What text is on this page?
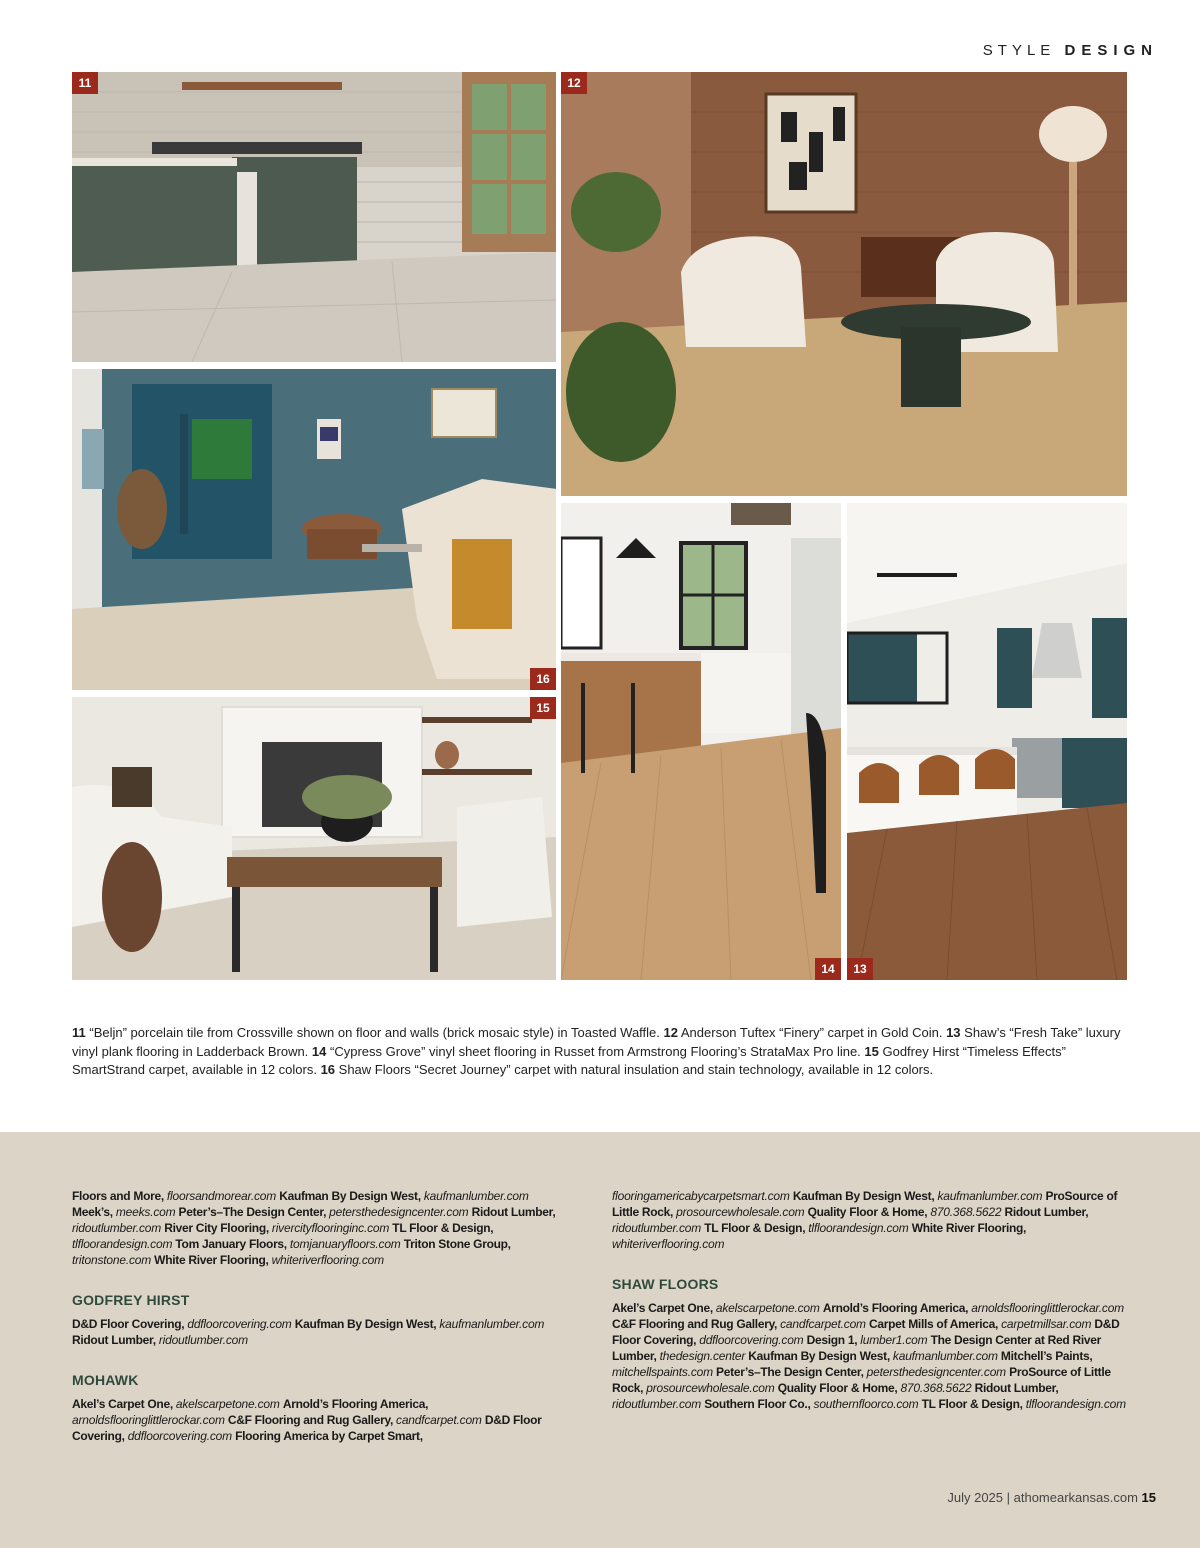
STYLE DESIGN
11	12
16
15
14	13

11 “Beljn” porcelain tile from Crossville shown on floor and walls (brick mosaic style) in Toasted Waffle. 12 Anderson Tuftex “Finery” carpet in Gold Coin. 13 Shaw’s “Fresh Take” luxury vinyl plank flooring in Ladderback Brown. 14 “Cypress Grove” vinyl sheet flooring in Russet from Armstrong Flooring’s StrataMax Pro line. 15 Godfrey Hirst “Timeless Effects” SmartStrand carpet, available in 12 colors. 16 Shaw Floors “Secret Journey” carpet with natural insulation and stain technology, available in 12 colors.

Floors and More, floorsandmorear.com Kaufman By Design West, kaufmanlumber.com Meek’s, meeks.com Peter’s–The Design Center, petersthedesigncenter.com Ridout Lumber, ridoutlumber.com River City Flooring, rivercityflooringinc.com TL Floor & Design, tlfloorandesign.com Tom January Floors, tomjanuaryfloors.com Triton Stone Group, tritonstone.com White River Flooring, whiteriverflooring.com

GODFREY HIRST

D&D Floor Covering, ddfloorcovering.com Kaufman By Design West, kaufmanlumber.com Ridout Lumber, ridoutlumber.com

MOHAWK

Akel’s Carpet One, akelscarpetone.com Arnold’s Flooring America, arnoldsflooringlittlerockar.com C&F Flooring and Rug Gallery, candfcarpet.com D&D Floor Covering, ddfloorcovering.com Flooring America by Carpet Smart,

flooringamericabycarpetsmart.com Kaufman By Design West, kaufmanlumber.com ProSource of Little Rock, prosourcewholesale.com Quality Floor & Home, 870.368.5622 Ridout Lumber, ridoutlumber.com TL Floor & Design, tlfloorandesign.com White River Flooring, whiteriverflooring.com

SHAW FLOORS

Akel’s Carpet One, akelscarpetone.com Arnold’s Flooring America, arnoldsflooringlittlerockar.com C&F Flooring and Rug Gallery, candfcarpet.com Carpet Mills of America, carpetmillsar.com D&D Floor Covering, ddfloorcovering.com Design 1, lumber1.com The Design Center at Red River Lumber, thedesign.center Kaufman By Design West, kaufmanlumber.com Mitchell’s Paints, mitchellspaints.com Peter’s–The Design Center, petersthedesigncenter.com ProSource of Little Rock, prosourcewholesale.com Quality Floor & Home, 870.368.5622 Ridout Lumber, ridoutlumber.com Southern Floor Co., southernfloorco.com TL Floor & Design, tlfloorandesign.com

July 2025 | athomearkansas.com 15
